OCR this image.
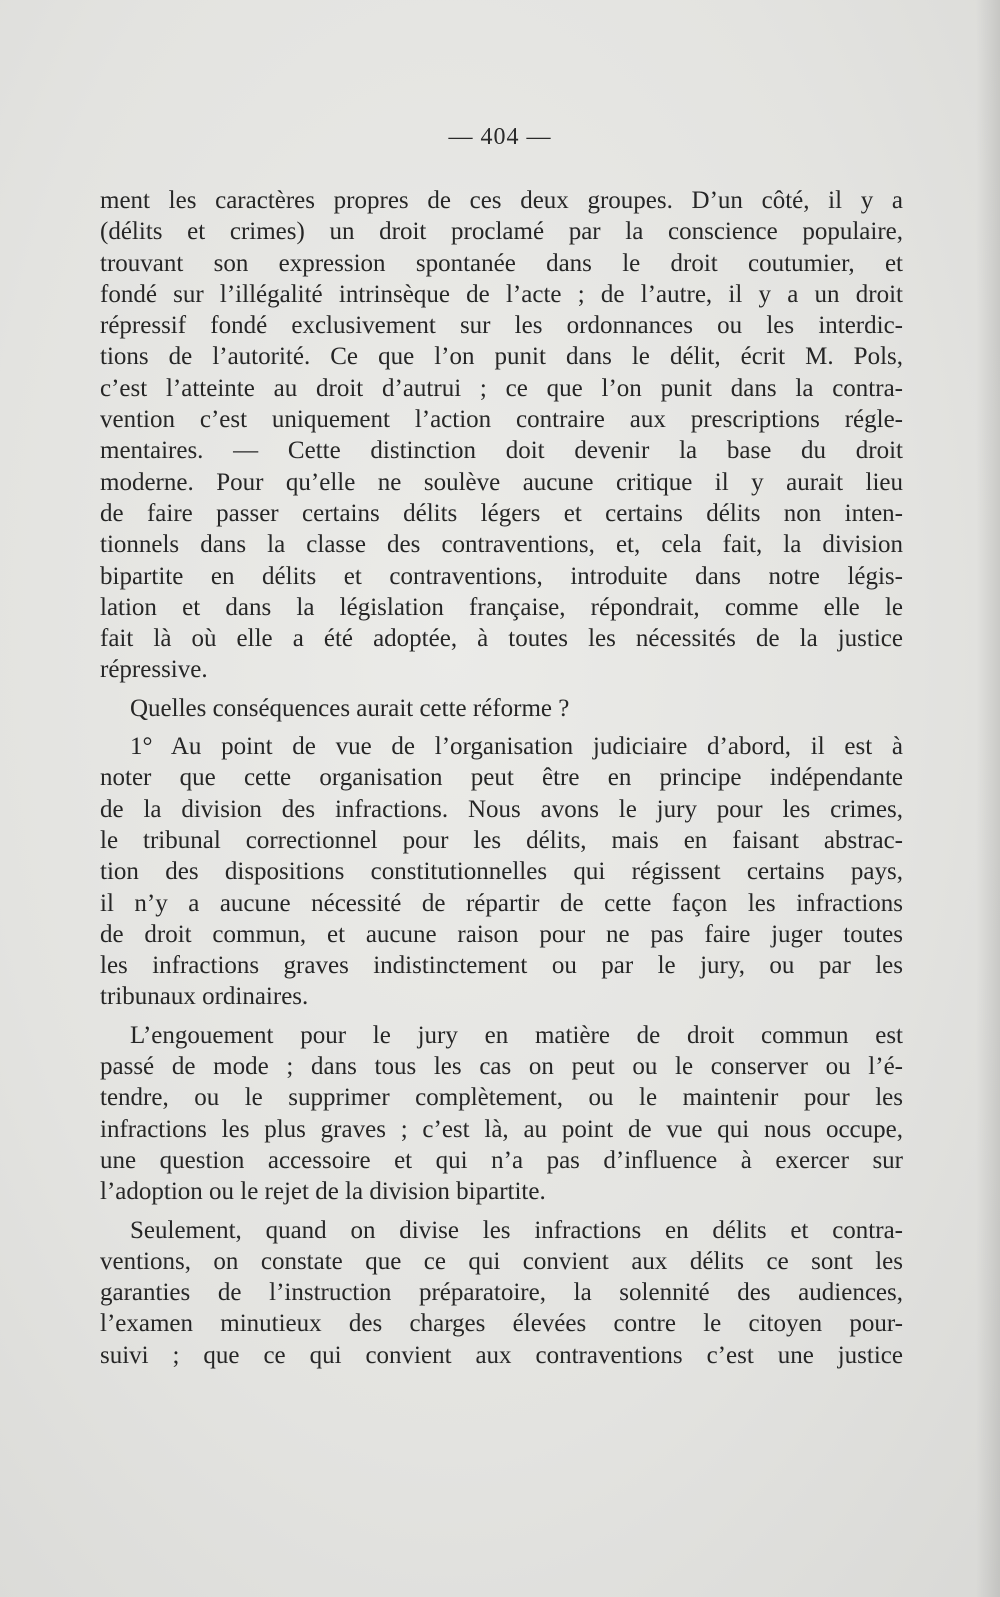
— 404 —
ment les caractères propres de ces deux groupes. D’un côté, il y a
(délits et crimes) un droit proclamé par la conscience populaire,
trouvant son expression spontanée dans le droit coutumier, et
fondé sur l’illégalité intrinsèque de l’acte ; de l’autre, il y a un droit
répressif fondé exclusivement sur les ordonnances ou les interdic-
tions de l’autorité. Ce que l’on punit dans le délit, écrit M. Pols,
c’est l’atteinte au droit d’autrui ; ce que l’on punit dans la contra-
vention c’est uniquement l’action contraire aux prescriptions régle-
mentaires. — Cette distinction doit devenir la base du droit
moderne. Pour qu’elle ne soulève aucune critique il y aurait lieu
de faire passer certains délits légers et certains délits non inten-
tionnels dans la classe des contraventions, et, cela fait, la division
bipartite en délits et contraventions, introduite dans notre légis-
lation et dans la législation française, répondrait, comme elle le
fait là où elle a été adoptée, à toutes les nécessités de la justice
répressive.
Quelles conséquences aurait cette réforme ?
1° Au point de vue de l’organisation judiciaire d’abord, il est à
noter que cette organisation peut être en principe indépendante
de la division des infractions. Nous avons le jury pour les crimes,
le tribunal correctionnel pour les délits, mais en faisant abstrac-
tion des dispositions constitutionnelles qui régissent certains pays,
il n’y a aucune nécessité de répartir de cette façon les infractions
de droit commun, et aucune raison pour ne pas faire juger toutes
les infractions graves indistinctement ou par le jury, ou par les
tribunaux ordinaires.
L’engouement pour le jury en matière de droit commun est
passé de mode ; dans tous les cas on peut ou le conserver ou l’é-
tendre, ou le supprimer complètement, ou le maintenir pour les
infractions les plus graves ; c’est là, au point de vue qui nous occupe,
une question accessoire et qui n’a pas d’influence à exercer sur
l’adoption ou le rejet de la division bipartite.
Seulement, quand on divise les infractions en délits et contra-
ventions, on constate que ce qui convient aux délits ce sont les
garanties de l’instruction préparatoire, la solennité des audiences,
l’examen minutieux des charges élevées contre le citoyen pour-
suivi ; que ce qui convient aux contraventions c’est une justice
